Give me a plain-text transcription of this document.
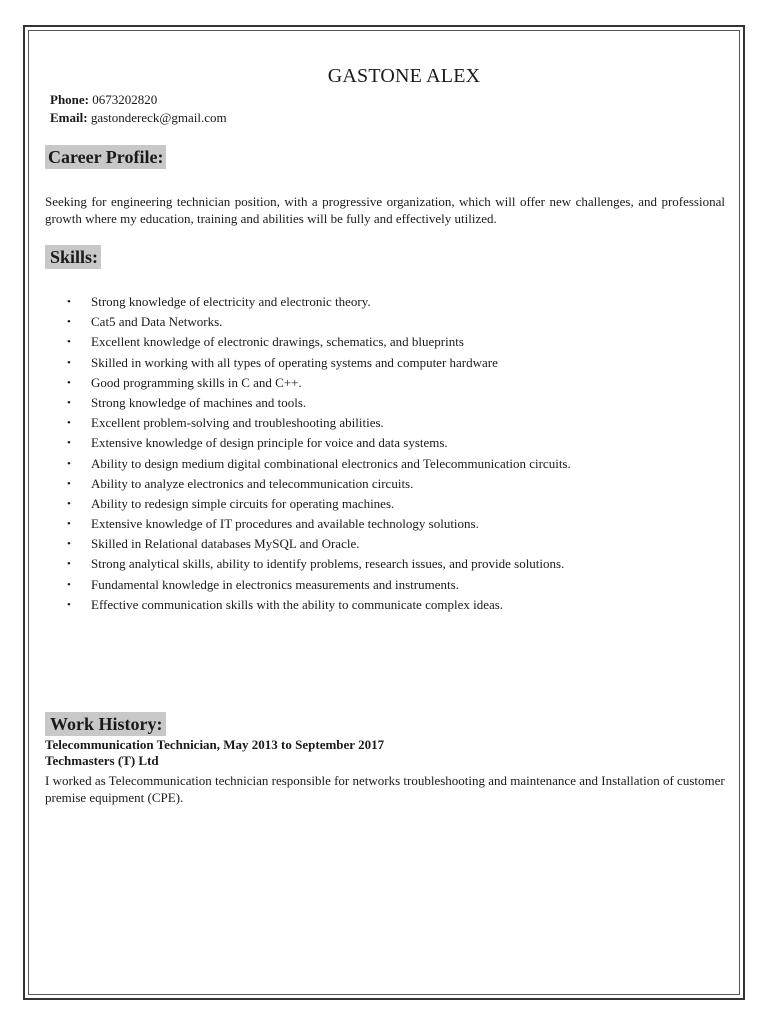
GASTONE ALEX
Phone: 0673202820
Email: gastondereck@gmail.com
Career Profile:
Seeking for engineering technician position, with a progressive organization, which will offer new challenges, and professional growth where my education, training and abilities will be fully and effectively utilized.
Skills:
• Strong knowledge of electricity and electronic theory.
• Cat5 and Data Networks.
• Excellent knowledge of electronic drawings, schematics, and blueprints
• Skilled in working with all types of operating systems and computer hardware
• Good programming skills in C and C++.
• Strong knowledge of machines and tools.
• Excellent problem-solving and troubleshooting abilities.
• Extensive knowledge of design principle for voice and data systems.
• Ability to design medium digital combinational electronics and Telecommunication circuits.
• Ability to analyze electronics and telecommunication circuits.
• Ability to redesign simple circuits for operating machines.
• Extensive knowledge of IT procedures and available technology solutions.
• Skilled in Relational databases MySQL and Oracle.
• Strong analytical skills, ability to identify problems, research issues, and provide solutions.
• Fundamental knowledge in electronics measurements and instruments.
• Effective communication skills with the ability to communicate complex ideas.
Work History:
Telecommunication Technician, May 2013 to September 2017
Techmasters (T) Ltd
I worked as Telecommunication technician responsible for networks troubleshooting and maintenance and Installation of customer premise equipment (CPE).
